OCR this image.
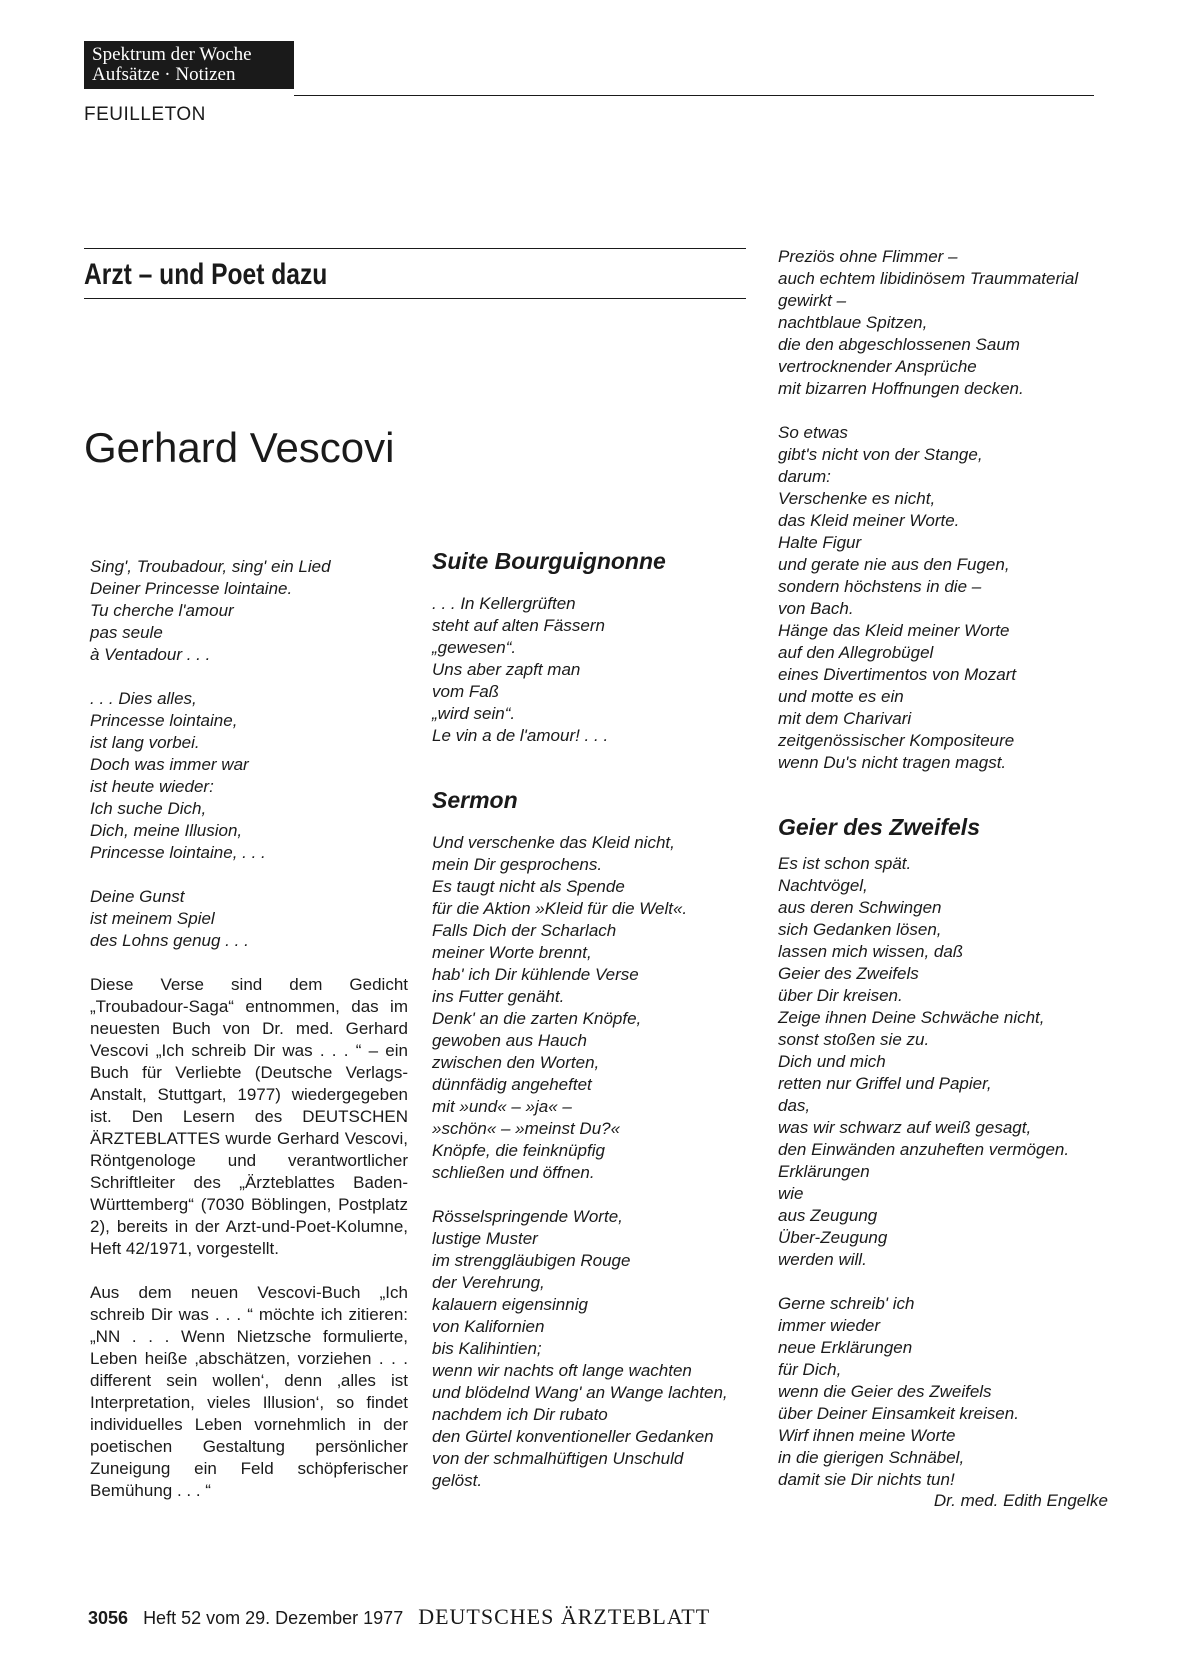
Spektrum der Woche
Aufsätze · Notizen
FEUILLETON
Arzt – und Poet dazu
Gerhard Vescovi

Sing', Troubadour, sing' ein Lied

Deiner Princesse lointaine.

Tu cherche l'amour

pas seule

à Ventadour . . .

. . . Dies alles,

Princesse lointaine,

ist lang vorbei.

Doch was immer war

ist heute wieder:

Ich suche Dich,

Dich, meine Illusion,

Princesse lointaine, . . .

Deine Gunst

ist meinem Spiel

des Lohns genug . . .

Diese Verse sind dem Gedicht „Troubadour-Saga“ entnommen, das im neuesten Buch von Dr. med. Gerhard Vescovi „Ich schreib Dir was . . . “ – ein Buch für Verliebte (Deutsche Verlags-Anstalt, Stuttgart, 1977) wiedergegeben ist. Den Lesern des DEUTSCHEN ÄRZTEBLATTES wurde Gerhard Vescovi, Röntgenologe und verantwortlicher Schriftleiter des „Ärzteblattes Baden-Württemberg“ (7030 Böblingen, Postplatz 2), bereits in der Arzt-und-Poet-Kolumne, Heft 42/1971, vorgestellt.

Aus dem neuen Vescovi-Buch „Ich schreib Dir was . . . “ möchte ich zitieren: „NN . . . Wenn Nietzsche formulierte, Leben heiße ‚abschätzen, vorziehen . . . different sein wollen‘, denn ‚alles ist Interpretation, vieles Illusion‘, so findet individuelles Leben vornehmlich in der poetischen Gestaltung persönlicher Zuneigung ein Feld schöpferischer Bemühung . . . “

Suite Bourguignonne

. . . In Kellergrüften

steht auf alten Fässern

„gewesen“.

Uns aber zapft man

vom Faß

„wird sein“.

Le vin a de l'amour! . . .

Sermon

Und verschenke das Kleid nicht,

mein Dir gesprochens.

Es taugt nicht als Spende

für die Aktion »Kleid für die Welt«.

Falls Dich der Scharlach

meiner Worte brennt,

hab' ich Dir kühlende Verse

ins Futter genäht.

Denk' an die zarten Knöpfe,

gewoben aus Hauch

zwischen den Worten,

dünnfädig angeheftet

mit »und« – »ja« –

»schön« – »meinst Du?«

Knöpfe, die feinknüpfig

schließen und öffnen.

Rösselspringende Worte,

lustige Muster

im strenggläubigen Rouge

der Verehrung,

kalauern eigensinnig

von Kalifornien

bis Kalihintien;

wenn wir nachts oft lange wachten

und blödelnd Wang' an Wange lachten,

nachdem ich Dir rubato

den Gürtel konventioneller Gedanken

von der schmalhüftigen Unschuld

gelöst.

Preziös ohne Flimmer –

auch echtem libidinösem Traummaterial

gewirkt –

nachtblaue Spitzen,

die den abgeschlossenen Saum

vertrocknender Ansprüche

mit bizarren Hoffnungen decken.

So etwas

gibt's nicht von der Stange,

darum:

Verschenke es nicht,

das Kleid meiner Worte.

Halte Figur

und gerate nie aus den Fugen,

sondern höchstens in die –

von Bach.

Hänge das Kleid meiner Worte

auf den Allegrobügel

eines Divertimentos von Mozart

und motte es ein

mit dem Charivari

zeitgenössischer Kompositeure

wenn Du's nicht tragen magst.

Geier des Zweifels

Es ist schon spät.

Nachtvögel,

aus deren Schwingen

sich Gedanken lösen,

lassen mich wissen, daß

Geier des Zweifels

über Dir kreisen.

Zeige ihnen Deine Schwäche nicht,

sonst stoßen sie zu.

Dich und mich

retten nur Griffel und Papier,

das,

was wir schwarz auf weiß gesagt,

den Einwänden anzuheften vermögen.

Erklärungen

wie

aus Zeugung

Über-Zeugung

werden will.

Gerne schreib' ich

immer wieder

neue Erklärungen

für Dich,

wenn die Geier des Zweifels

über Deiner Einsamkeit kreisen.

Wirf ihnen meine Worte

in die gierigen Schnäbel,

damit sie Dir nichts tun!

Dr. med. Edith Engelke

3056 Heft 52 vom 29. Dezember 1977 DEUTSCHES ÄRZTEBLATT
